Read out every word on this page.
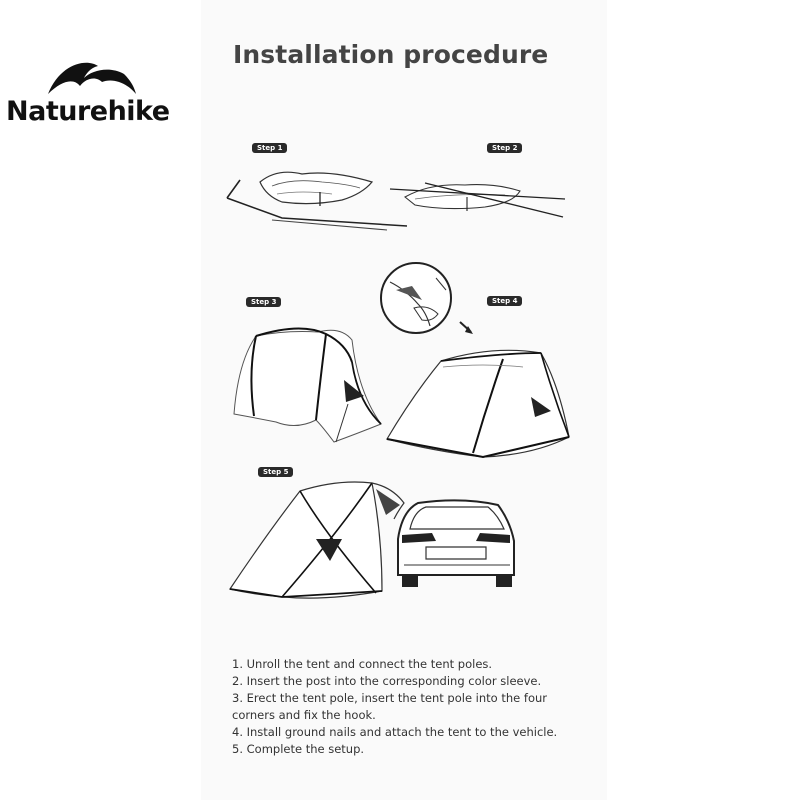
Naturehike
Installation procedure
Step 1	Step 2
Step 3	Step 4
Step 5
1. Unroll the tent and connect the tent poles.
2. Insert the post into the corresponding color sleeve.
3. Erect the tent pole, insert the tent pole into the four
corners and fix the hook.
4. Install ground nails and attach the tent to the vehicle.
5. Complete the setup.
